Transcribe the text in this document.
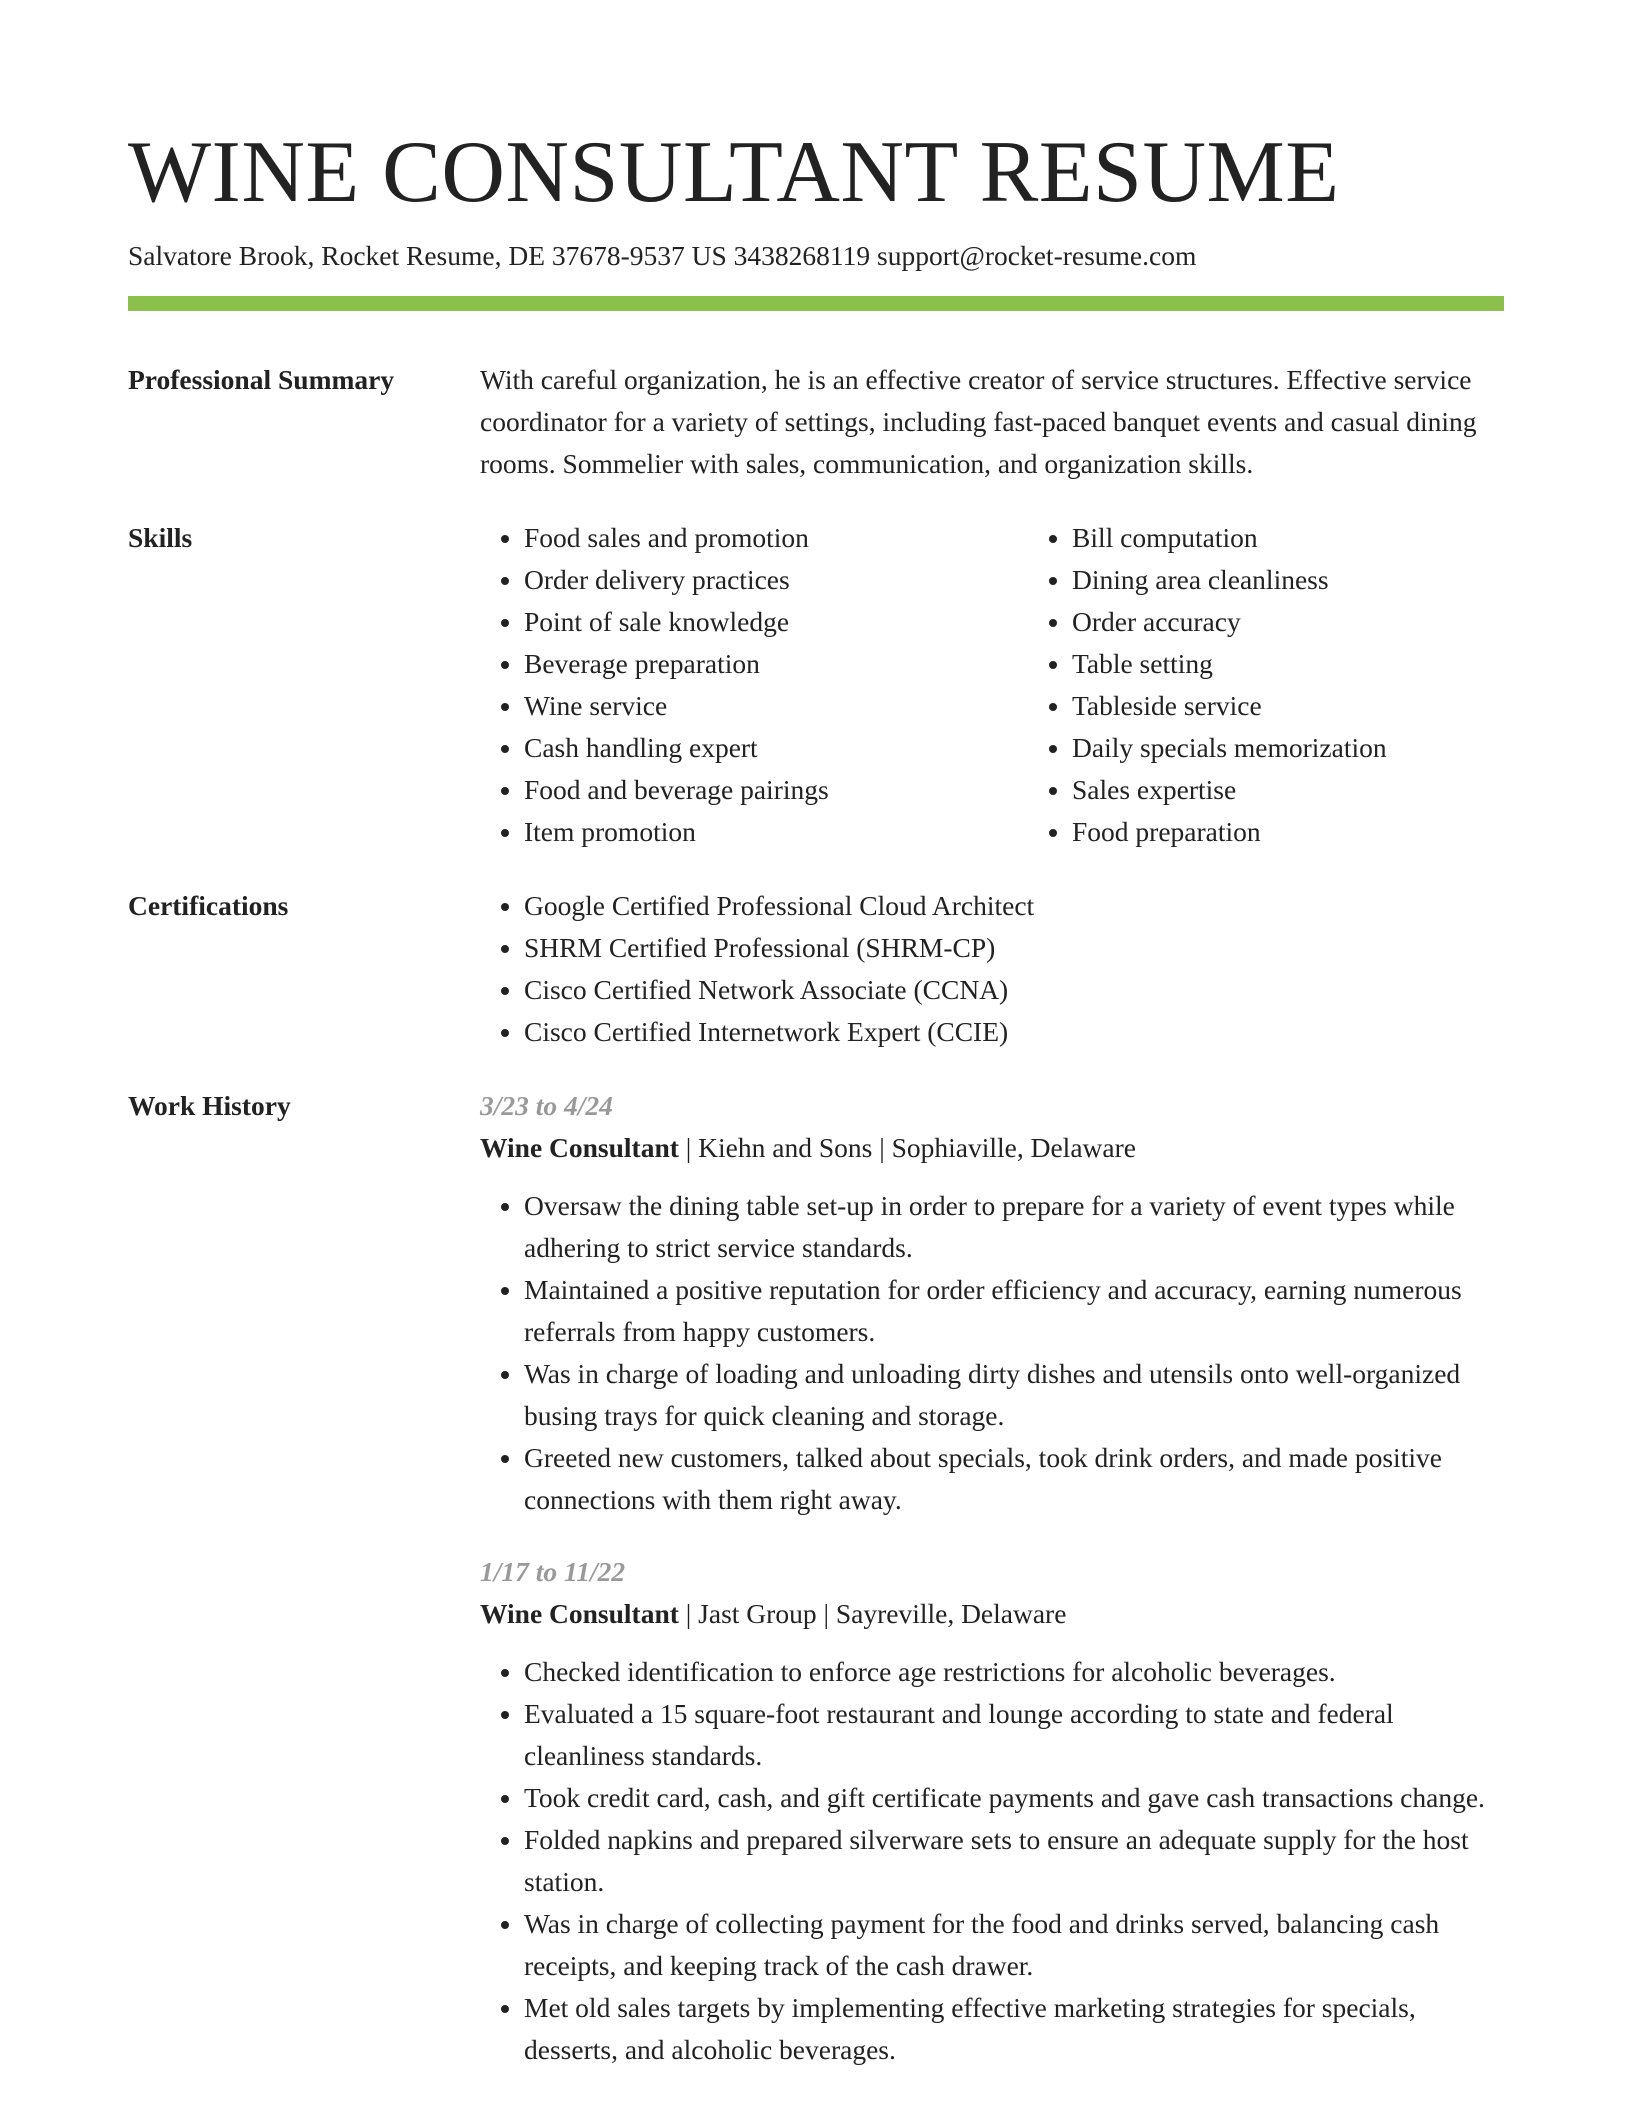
WINE CONSULTANT RESUME
Salvatore Brook, Rocket Resume, DE 37678-9537 US 3438268119 support@rocket-resume.com
Professional Summary	With careful organization, he is an effective creator of service structures. Effective service coordinator for a variety of settings, including fast-paced banquet events and casual dining rooms. Sommelier with sales, communication, and organization skills.
Skills	• Food sales and promotion
• Order delivery practices
• Point of sale knowledge
• Beverage preparation
• Wine service
• Cash handling expert
• Food and beverage pairings
• Item promotion
• Bill computation
• Dining area cleanliness
• Order accuracy
• Table setting
• Tableside service
• Daily specials memorization
• Sales expertise
• Food preparation
Certifications	• Google Certified Professional Cloud Architect
• SHRM Certified Professional (SHRM-CP)
• Cisco Certified Network Associate (CCNA)
• Cisco Certified Internetwork Expert (CCIE)
Work History	3/23 to 4/24
Wine Consultant | Kiehn and Sons | Sophiaville, Delaware
• Oversaw the dining table set-up in order to prepare for a variety of event types while adhering to strict service standards.
• Maintained a positive reputation for order efficiency and accuracy, earning numerous referrals from happy customers.
• Was in charge of loading and unloading dirty dishes and utensils onto well-organized busing trays for quick cleaning and storage.
• Greeted new customers, talked about specials, took drink orders, and made positive connections with them right away.
1/17 to 11/22
Wine Consultant | Jast Group | Sayreville, Delaware
• Checked identification to enforce age restrictions for alcoholic beverages.
• Evaluated a 15 square-foot restaurant and lounge according to state and federal cleanliness standards.
• Took credit card, cash, and gift certificate payments and gave cash transactions change.
• Folded napkins and prepared silverware sets to ensure an adequate supply for the host station.
• Was in charge of collecting payment for the food and drinks served, balancing cash receipts, and keeping track of the cash drawer.
• Met old sales targets by implementing effective marketing strategies for specials, desserts, and alcoholic beverages.
